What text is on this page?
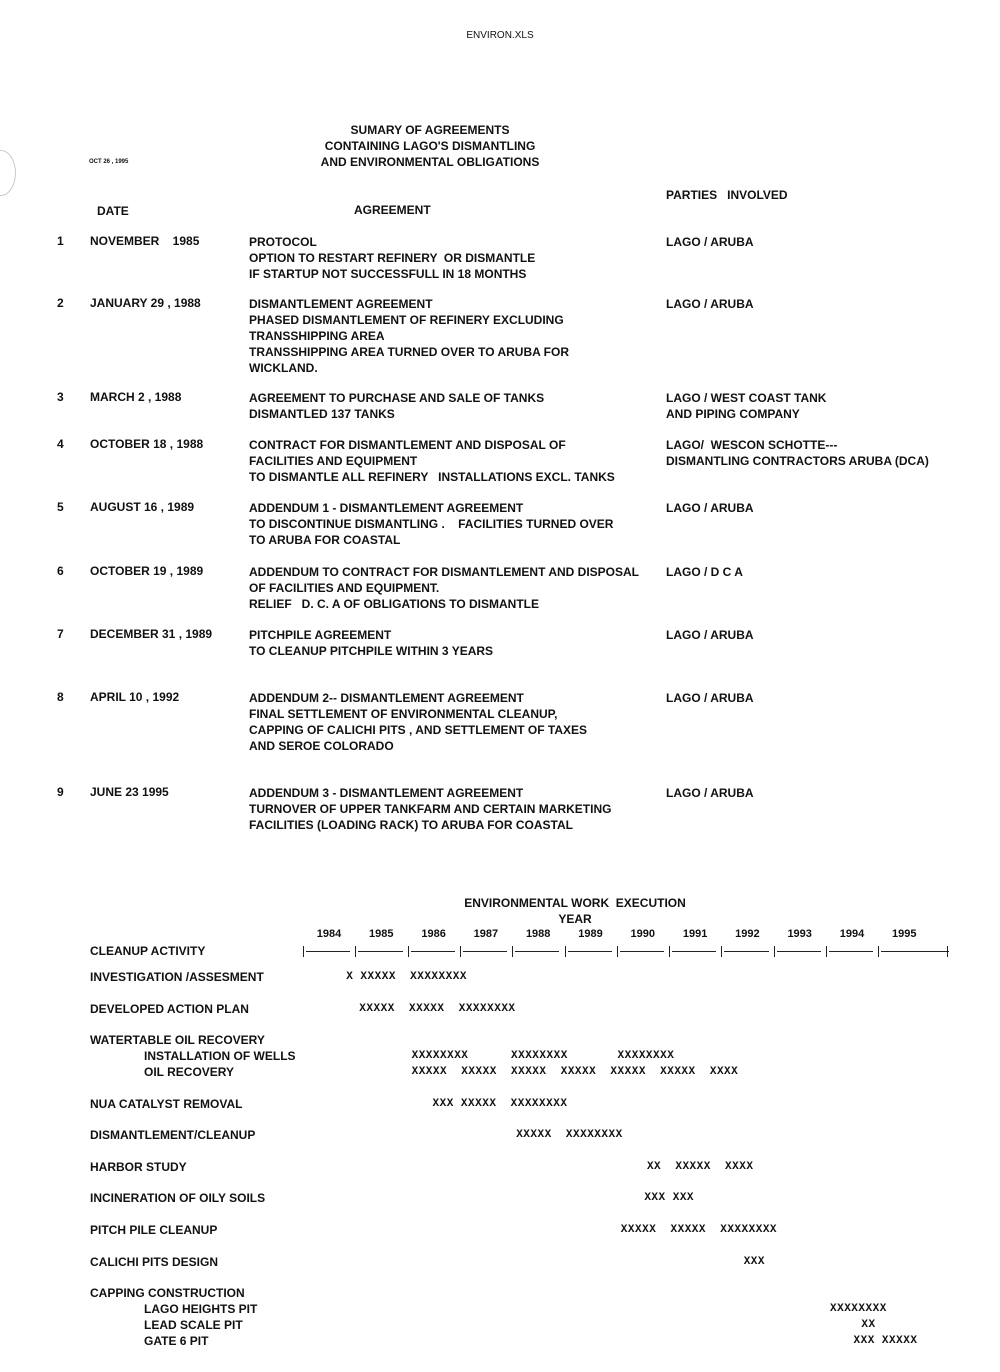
ENVIRON.XLS
SUMARY OF AGREEMENTS
CONTAINING LAGO'S DISMANTLING
AND ENVIRONMENTAL OBLIGATIONS
OCT 26 , 1995
PARTIES   INVOLVED
DATE	AGREEMENT
1 NOVEMBER    1985	PROTOCOL
OPTION TO RESTART REFINERY  OR DISMANTLE
IF STARTUP NOT SUCCESSFULL IN 18 MONTHS
LAGO / ARUBA
2 JANUARY 29 , 1988	DISMANTLEMENT AGREEMENT
PHASED DISMANTLEMENT OF REFINERY EXCLUDING
TRANSSHIPPING AREA
TRANSSHIPPING AREA TURNED OVER TO ARUBA FOR
WICKLAND.
LAGO / ARUBA
3 MARCH 2 , 1988	AGREEMENT TO PURCHASE AND SALE OF TANKS
DISMANTLED 137 TANKS
LAGO / WEST COAST TANK
AND PIPING COMPANY
4 OCTOBER 18 , 1988	CONTRACT FOR DISMANTLEMENT AND DISPOSAL OF
FACILITIES AND EQUIPMENT
TO DISMANTLE ALL REFINERY   INSTALLATIONS EXCL. TANKS
LAGO/  WESCON SCHOTTE---
DISMANTLING CONTRACTORS ARUBA (DCA)
5 AUGUST 16 , 1989	ADDENDUM 1 - DISMANTLEMENT AGREEMENT
TO DISCONTINUE DISMANTLING .    FACILITIES TURNED OVER
TO ARUBA FOR COASTAL
LAGO / ARUBA
6 OCTOBER 19 , 1989	ADDENDUM TO CONTRACT FOR DISMANTLEMENT AND DISPOSAL
OF FACILITIES AND EQUIPMENT.
RELIEF   D. C. A OF OBLIGATIONS TO DISMANTLE
LAGO / D C A
7 DECEMBER 31 , 1989	PITCHPILE AGREEMENT
TO CLEANUP PITCHPILE WITHIN 3 YEARS
LAGO / ARUBA
8 APRIL 10 , 1992	ADDENDUM 2-- DISMANTLEMENT AGREEMENT
FINAL SETTLEMENT OF ENVIRONMENTAL CLEANUP,
CAPPING OF CALICHI PITS , AND SETTLEMENT OF TAXES
AND SEROE COLORADO
LAGO / ARUBA
9 JUNE 23 1995	ADDENDUM 3 - DISMANTLEMENT AGREEMENT
TURNOVER OF UPPER TANKFARM AND CERTAIN MARKETING
FACILITIES (LOADING RACK) TO ARUBA FOR COASTAL
LAGO / ARUBA
ENVIRONMENTAL WORK  EXECUTION
YEAR
CLEANUP ACTIVITY
1984	1985	1986	1987	1988	1989	1990	1991	1992	1993	1994	1995
INVESTIGATION /ASSESMENT	X XXXXX  XXXXXXXX
DEVELOPED ACTION PLAN	XXXXX  XXXXX  XXXXXXXX
WATERTABLE OIL RECOVERY
INSTALLATION OF WELLS	XXXXXXXX      XXXXXXXX       XXXXXXXX
OIL RECOVERY	XXXXX  XXXXX  XXXXX  XXXXX  XXXXX  XXXXX  XXXX
NUA CATALYST REMOVAL	XXX XXXXX  XXXXXXXX
DISMANTLEMENT/CLEANUP	XXXXX  XXXXXXXX
HARBOR STUDY	XX  XXXXX  XXXX
INCINERATION OF OILY SOILS	XXX XXX
PITCH PILE CLEANUP	XXXXX  XXXXX  XXXXXXXX
CALICHI PITS DESIGN	XXX
CAPPING CONSTRUCTION
LAGO HEIGHTS PIT	XXXXXXXX
LEAD SCALE PIT	XX
GATE 6 PIT	XXX XXXXX
